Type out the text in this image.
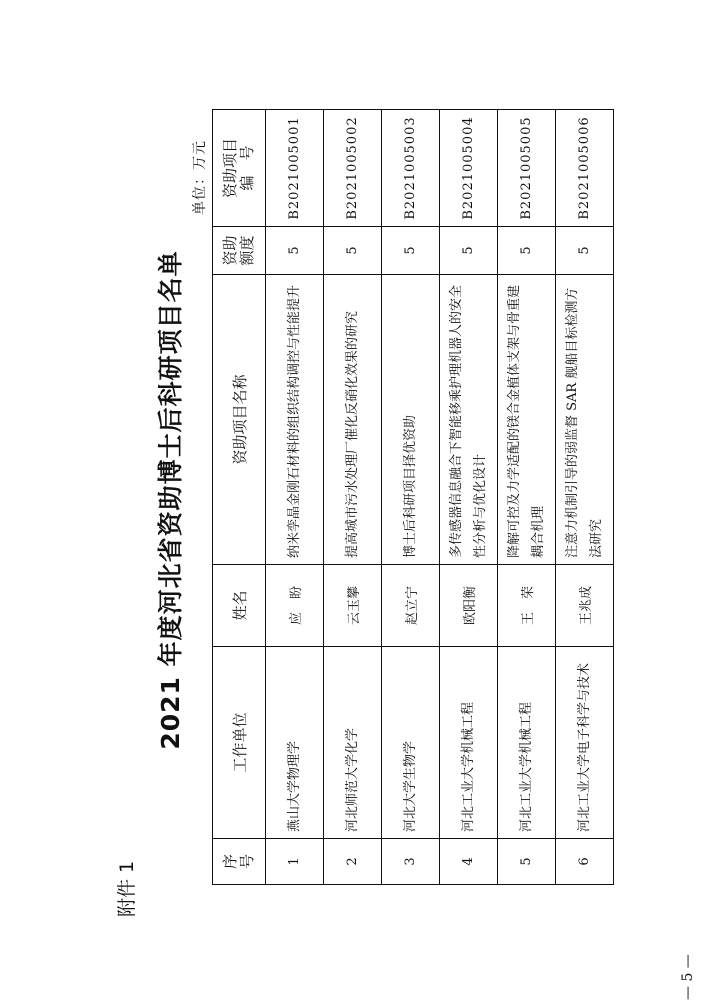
附件 1
2021 年度河北省资助博士后科研项目名单
单位：万元
序 号	工作单位	姓名	资助项目名称	资助 额度	资助项目 编　号

1	燕山大学物理学	应　盼	纳米孪晶金刚石材料的组织结构调控与性能提升	5	B2021005001
2	河北师范大学化学	云玉攀	提高城市污水处理厂催化反硝化效果的研究	5	B2021005002
3	河北大学生物学	赵立宁	博士后科研项目择优资助	5	B2021005003
4	河北工业大学机械工程	欧阳衡	多传感器信息融合下智能移乘护理机器人的安全性分析与优化设计	5	B2021005004
5	河北工业大学机械工程	王　荣	降解可控及力学适配的镁合金植体支架与骨重建耦合机理	5	B2021005005
6	河北工业大学电子科学与技术	王兆成	注意力机制引导的弱监督 SAR 舰船目标检测方法研究	5	B2021005006
— 5 —
